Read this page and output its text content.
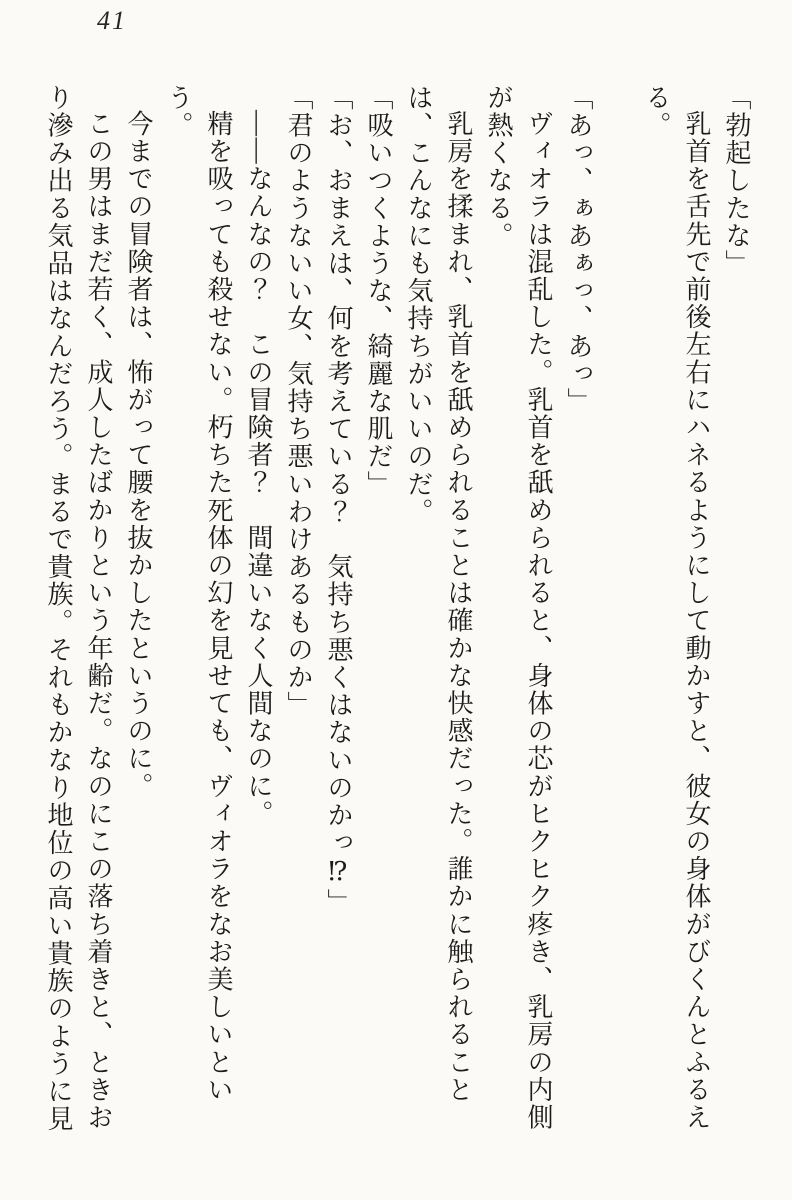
41

「勃起したな」

乳首を舌先で前後左右にハネるようにして動かすと、彼女の身体がびくんとふるえる。

「あっ、ぁあぁっ、あっ」

ヴィオラは混乱した。乳首を舐められると、身体の芯がヒクヒク疼き、乳房の内側が熱くなる。

乳房を揉まれ、乳首を舐められることは確かな快感だった。誰かに触られることは、こんなにも気持ちがいいのだ。

「吸いつくような、綺麗な肌だ」

「お、おまえは、何を考えている？　気持ち悪くはないのかっ⁉」

「君のようないい女、気持ち悪いわけあるものか」

――なんなの？　この冒険者？　間違いなく人間なのに。

精を吸っても殺せない。朽ちた死体の幻を見せても、ヴィオラをなお美しいという。

今までの冒険者は、怖がって腰を抜かしたというのに。

この男はまだ若く、成人したばかりという年齢だ。なのにこの落ち着きと、ときおり滲み出る気品はなんだろう。まるで貴族。それもかなり地位の高い貴族のように見
